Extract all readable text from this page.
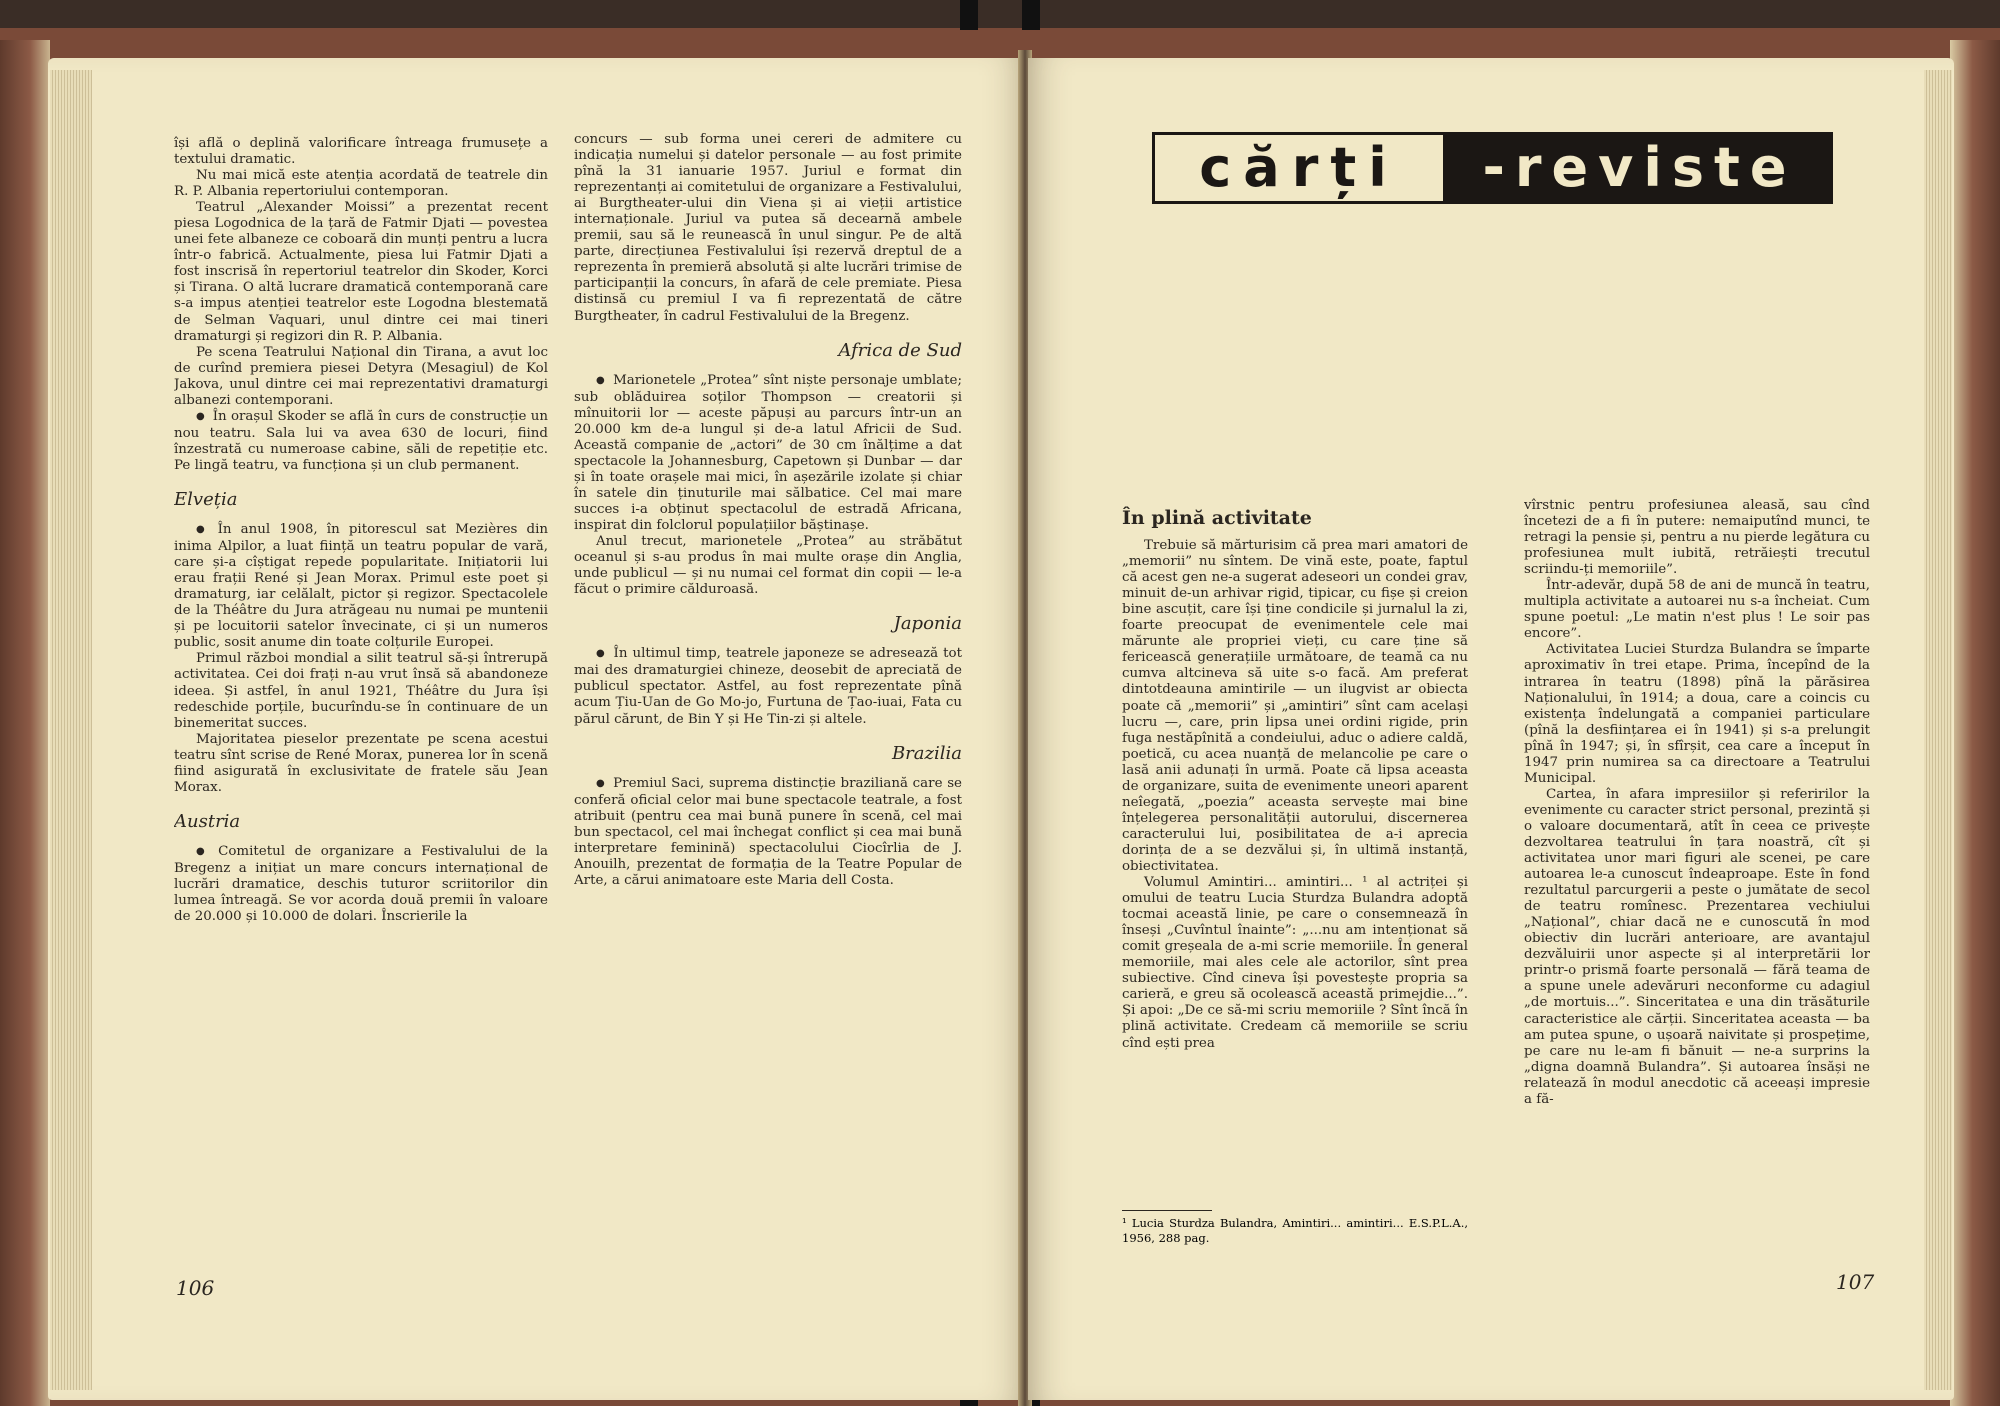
își află o deplină valorificare întreaga frumusețe a textului dramatic.

Nu mai mică este atenția acordată de teatrele din R. P. Albania repertoriului contemporan.

Teatrul „Alexander Moissi” a prezentat recent piesa Logodnica de la țară de Fatmir Djati — povestea unei fete albaneze ce coboară din munți pentru a lucra într-o fabrică. Actualmente, piesa lui Fatmir Djati a fost inscrisă în repertoriul teatrelor din Skoder, Korci și Tirana. O altă lucrare dramatică contemporană care s-a impus atenției teatrelor este Logodna blestemată de Selman Vaquari, unul dintre cei mai tineri dramaturgi și regizori din R. P. Albania.

Pe scena Teatrului Național din Tirana, a avut loc de curînd premiera piesei Detyra (Mesagiul) de Kol Jakova, unul dintre cei mai reprezentativi dramaturgi albanezi contemporani.

● În orașul Skoder se află în curs de construcție un nou teatru. Sala lui va avea 630 de locuri, fiind înzestrată cu numeroase cabine, săli de repetiție etc. Pe lingă teatru, va funcționa și un club permanent.

Elveția

● În anul 1908, în pitorescul sat Mezières din inima Alpilor, a luat ființă un teatru popular de vară, care și-a cîștigat repede popularitate. Inițiatorii lui erau frații René și Jean Morax. Primul este poet și dramaturg, iar celălalt, pictor și regizor. Spectacolele de la Théâtre du Jura atrăgeau nu numai pe muntenii și pe locuitorii satelor învecinate, ci și un numeros public, sosit anume din toate colțurile Europei.

Primul război mondial a silit teatrul să-și întrerupă activitatea. Cei doi frați n-au vrut însă să abandoneze ideea. Și astfel, în anul 1921, Théâtre du Jura își redeschide porțile, bucurîndu-se în continuare de un binemeritat succes.

Majoritatea pieselor prezentate pe scena acestui teatru sînt scrise de René Morax, punerea lor în scenă fiind asigurată în exclusivitate de fratele său Jean Morax.

Austria

● Comitetul de organizare a Festivalului de la Bregenz a inițiat un mare concurs internațional de lucrări dramatice, deschis tuturor scriitorilor din lumea întreagă. Se vor acorda două premii în valoare de 20.000 și 10.000 de dolari. Înscrierile la

concurs — sub forma unei cereri de admitere cu indicația numelui și datelor personale — au fost primite pînă la 31 ianuarie 1957. Juriul e format din reprezentanți ai comitetului de organizare a Festivalului, ai Burgtheater-ului din Viena și ai vieții artistice internaționale. Juriul va putea să decearnă ambele premii, sau să le reunească în unul singur. Pe de altă parte, direcțiunea Festivalului își rezervă dreptul de a reprezenta în premieră absolută și alte lucrări trimise de participanții la concurs, în afară de cele premiate. Piesa distinsă cu premiul I va fi reprezentată de către Burgtheater, în cadrul Festivalului de la Bregenz.

Africa de Sud

● Marionetele „Protea” sînt niște personaje umblate; sub oblăduirea soților Thompson — creatorii și mînuitorii lor — aceste păpuși au parcurs într-un an 20.000 km de-a lungul și de-a latul Africii de Sud. Această companie de „actori” de 30 cm înălțime a dat spectacole la Johannesburg, Capetown și Dunbar — dar și în toate orașele mai mici, în așezările izolate și chiar în satele din ținuturile mai sălbatice. Cel mai mare succes i-a obținut spectacolul de estradă Africana, inspirat din folclorul populațiilor băștinașe.

Anul trecut, marionetele „Protea” au străbătut oceanul și s-au produs în mai multe orașe din Anglia, unde publicul — și nu numai cel format din copii — le-a făcut o primire călduroasă.

Japonia

● În ultimul timp, teatrele japoneze se adresează tot mai des dramaturgiei chineze, deosebit de apreciată de publicul spectator. Astfel, au fost reprezentate pînă acum Țiu-Uan de Go Mo-jo, Furtuna de Țao-iuai, Fata cu părul cărunt, de Bin Y și He Tin-zi și altele.

Brazilia

● Premiul Saci, suprema distincție braziliană care se conferă oficial celor mai bune spectacole teatrale, a fost atribuit (pentru cea mai bună punere în scenă, cel mai bun spectacol, cel mai închegat conflict și cea mai bună interpretare feminină) spectacolului Ciocîrlia de J. Anouilh, prezentat de formația de la Teatre Popular de Arte, a cărui animatoare este Maria dell Costa.

106
În plină activitate

Trebuie să mărturisim că prea mari amatori de „memorii” nu sîntem. De vină este, poate, faptul că acest gen ne-a sugerat adeseori un condei grav, minuit de-un arhivar rigid, tipicar, cu fișe și creion bine ascuțit, care își ține condicile și jurnalul la zi, foarte preocupat de evenimentele cele mai mărunte ale propriei vieți, cu care ține să fericească generațiile următoare, de teamă ca nu cumva altcineva să uite s-o facă. Am preferat dintotdeauna amintirile — un ilugvist ar obiecta poate că „memorii” și „amintiri” sînt cam același lucru —, care, prin lipsa unei ordini rigide, prin fuga nestăpînită a condeiului, aduc o adiere caldă, poetică, cu acea nuanță de melancolie pe care o lasă anii adunați în urmă. Poate că lipsa aceasta de organizare, suita de evenimente uneori aparent neîegată, „poezia” aceasta servește mai bine înțelegerea personalității autorului, discernerea caracterului lui, posibilitatea de a-i aprecia dorința de a se dezvălui și, în ultimă instanță, obiectivitatea.

Volumul Amintiri... amintiri... ¹ al actriței și omului de teatru Lucia Sturdza Bulandra adoptă tocmai această linie, pe care o consemnează în înseși „Cuvîntul înainte”: „...nu am intenționat să comit greșeala de a-mi scrie memoriile. În general memoriile, mai ales cele ale actorilor, sînt prea subiective. Cînd cineva își povestește propria sa carieră, e greu să ocolească această primejdie...”. Și apoi: „De ce să-mi scriu memoriile ? Sînt încă în plină activitate. Credeam că memoriile se scriu cînd ești prea

vîrstnic pentru profesiunea aleasă, sau cînd încetezi de a fi în putere: nemaiputînd munci, te retragi la pensie și, pentru a nu pierde legătura cu profesiunea mult iubită, retrăiești trecutul scriindu-ți memoriile”.

Într-adevăr, după 58 de ani de muncă în teatru, multipla activitate a autoarei nu s-a încheiat. Cum spune poetul: „Le matin n'est plus ! Le soir pas encore”.

Activitatea Luciei Sturdza Bulandra se împarte aproximativ în trei etape. Prima, începînd de la intrarea în teatru (1898) pînă la părăsirea Naționalului, în 1914; a doua, care a coincis cu existența îndelungată a companiei particulare (pînă la desființarea ei în 1941) și s-a prelungit pînă în 1947; și, în sfîrșit, cea care a început în 1947 prin numirea sa ca directoare a Teatrului Municipal.

Cartea, în afara impresiilor și referirilor la evenimente cu caracter strict personal, prezintă și o valoare documentară, atît în ceea ce privește dezvoltarea teatrului în țara noastră, cît și activitatea unor mari figuri ale scenei, pe care autoarea le-a cunoscut îndeaproape. Este în fond rezultatul parcurgerii a peste o jumătate de secol de teatru romînesc. Prezentarea vechiului „Național”, chiar dacă ne e cunoscută în mod obiectiv din lucrări anterioare, are avantajul dezvăluirii unor aspecte și al interpretării lor printr-o prismă foarte personală — fără teama de a spune unele adevăruri neconforme cu adagiul „de mortuis...”. Sinceritatea e una din trăsăturile caracteristice ale cărții. Sinceritatea aceasta — ba am putea spune, o ușoară naivitate și prospețime, pe care nu le-am fi bănuit — ne-a surprins la „digna doamnă Bulandra”. Și autoarea însăși ne relatează în modul anecdotic că aceeași impresie a fă-

107
cărți	-reviste
¹ Lucia Sturdza Bulandra, Amintiri... amintiri... E.S.P.L.A., 1956, 288 pag.
